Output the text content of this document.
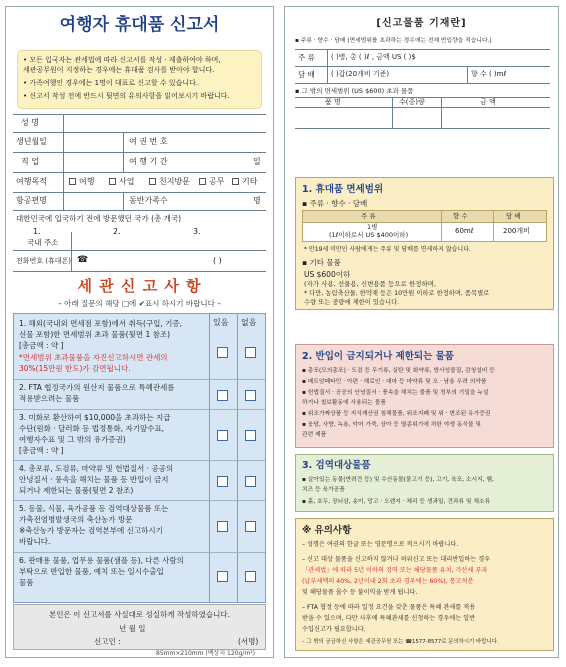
여행자 휴대품 신고서
• 모든 입국자는 관세법에 따라 신고서를 작성 · 제출하여야 하며,
세관공무원이 지정하는 경우에는 휴대품 검사를 받아야 합니다.
• 가족여행인 경우에는 1명이 대표로 신고할 수 있습니다.
• 신고서 작성 전에 반드시 뒷면의 유의사항을 읽어보시기 바랍니다.
성 명
생년월일	여 권 번 호
직 업	여 행 기 간	일
여행목적	여행	사업	친지방문 공무 기타
항공편명	동반가족수	명
대한민국에 입국하기 전에 방문했던 국가 (총 개국)
1.	2.	3.
국내 주소
전화번호 (휴대폰) ☎	( )
세 관 신 고 사 항
– 아래 질문의 해당 □에 ✔표시 하시기 바랍니다 –
있음 없음
1. 해외(국내외 면세점 포함)에서 취득(구입, 기증,
선물 포함)한 면세범위 초과 물품(뒷면 1 참조)
[총금액 : 약 ]
*면세범위 초과물품을 자진신고하시면 관세의
30%(15만원 한도)가 감면됩니다.
2. FTA 협정국가의 원산지 물품으로 특혜관세를
적용받으려는 물품
3. 미화로 환산하여 $10,000을 초과하는 지급
수단(원화 · 달러화 등 법정통화, 자기앞수표,
여행자수표 및 그 밖의 유가증권)
[총금액 : 약 ]
4. 총포류, 도검류, 마약류 및 헌법질서 · 공공의
안녕질서 · 풍속을 해치는 물품 등 반입이 금지
되거나 제한되는 물품(뒷면 2 참조)
5. 동물, 식물, 육가공품 등 검역대상물품 또는
가축전염병발생국의 축산농가 방문
※축산농가 방문자는 검역본부에 신고하시기
바랍니다.
6. 판매용 물품, 업무용 물품(샘플 등), 다른 사람의
부탁으로 반입한 물품, 예치 또는 일시수출입
물품
본인은 이 신고서를 사실대로 성실하게 작성하였습니다.
년 월 일
신고인 :	(서명)
85mm×210mm (백상지 120g/m²)
[신고물품 기재란]
▪ 주류 · 향수 · 담배 (면세범위를 초과하는 경우에는 전체 반입량을 적습니다.)
주 류 ( )병, 총 ( )ℓ , 금액 US ( )$
담 배 ( )갑(20개비 기준)	향 수 ( )mℓ
▪ 그 밖의 면세범위 (US $600) 초과 물품
품 명	수(중)량	금 액
1. 휴대품 면세범위
▪ 주류 · 향수 · 담배
주 류	향 수	담 배
1병
(1ℓ이하로서 US $400이하)	60mℓ	200개비
* 만19세 미만인 사람에게는 주류 및 담배를 면세하지 않습니다.
▪ 기타 물품
US $600이하
(자가 사용, 선물용, 신변용품 등으로 한정하며,
* 다만, 농림축산물, 한약재 등은 10만원 이하로 한정하며, 품목별로
수량 또는 중량에 제한이 있습니다.
2. 반입이 금지되거나 제한되는 물품
▪ 총포(모의총포) · 도검 등 무기류, 실탄 및 화약류, 방사성물질, 감청설비 등
▪ 메트암페타민 · 아편 · 해로인 · 대마 등 마약류 및 오 · 남용 우려 의약품
▪ 헌법질서 · 공공의 안녕질서 · 풍속을 해치는 물품 및 정부의 기밀을 누설
하거나 첩보활동에 사용되는 물품
▪ 위조가짜상품 등 지식재산권 침해물품, 위조지폐 및 위 · 변조된 유가증권
▪ 웅담, 사향, 녹용, 악어 가죽, 상아 등 멸종위기에 처한 야생 동식물 및
관련 제품
3. 검역대상물품
▪ 살아있는 동물(반려견 등) 및 수산동물(물고기 등), 고기, 육포, 소시지, 햄,
치즈 등 육가공품
▪ 흙, 호두, 장뇌삼, 송이, 망고 · 오렌지 · 체리 등 생과일, 견과류 및 채소류
※ 유의사항
– 성명은 여권의 한글 또는 영문명으로 적으시기 바랍니다.
– 신고 대상 물품을 신고하지 않거나 허위신고 또는 대리반입하는 경우
「관세법」에 따라 5년 이하의 징역 또는 해당물품 유치, 가산세 부과
(납부세액의 40%, 2년이내 2회 초과 경우에는 60%), 통고처분
및 해당물품 몰수 등 불이익을 받게 됩니다.
– FTA 협정 등에 따라 일정 요건을 갖춘 물품은 특혜 관세를 적용
받을 수 있으며, 다만 사후에 특혜관세를 신청하는 경우에는 일반
수입신고가 필요합니다.
– 그 밖의 궁금하신 사항은 세관공무원 또는 ☎1577-8577로 문의하시기 바랍니다.
